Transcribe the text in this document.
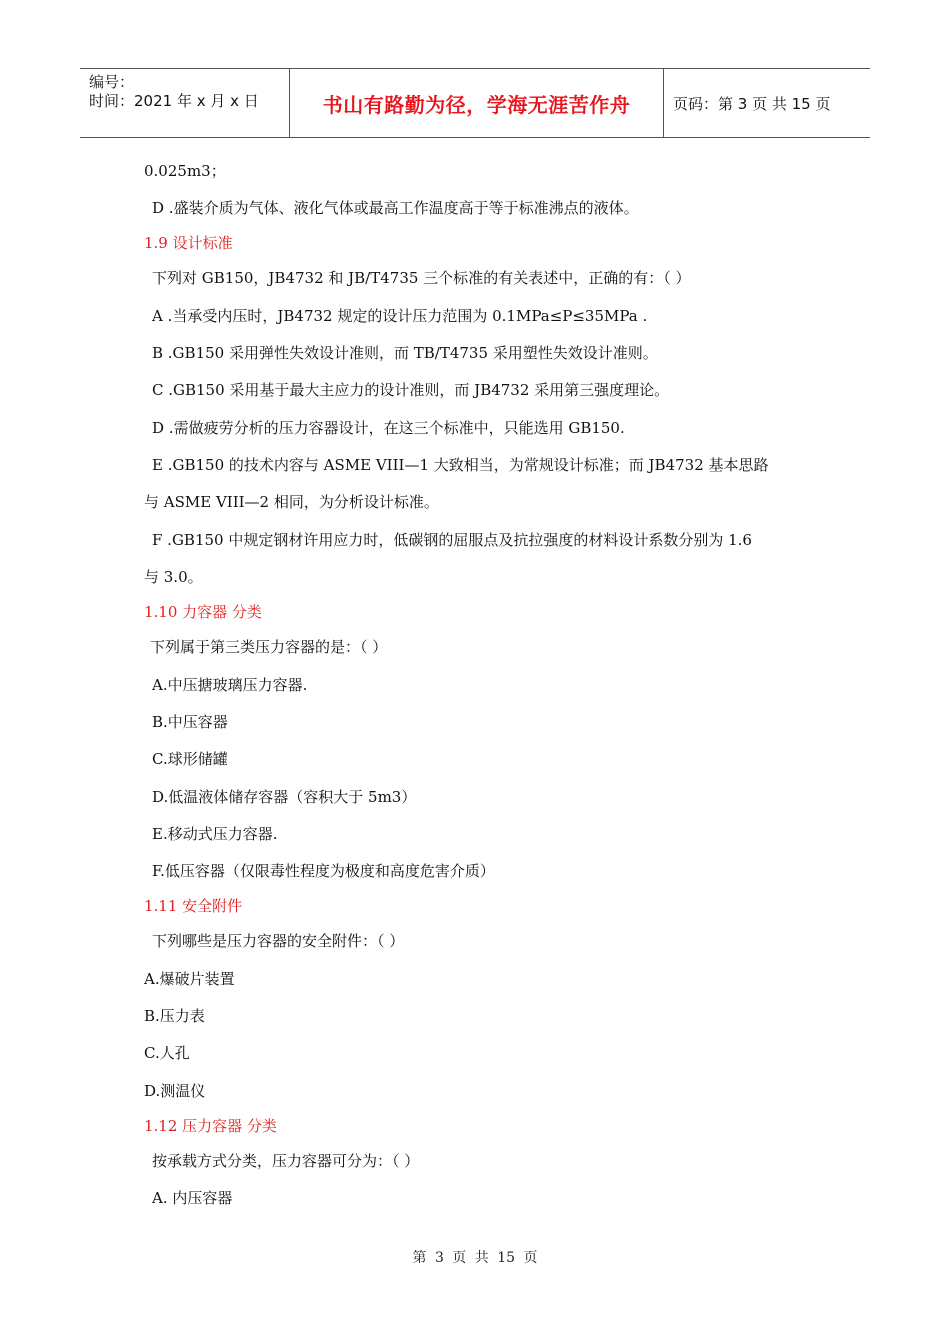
编号：
时间：2021 年 x 月 x 日	书山有路勤为径，学海无涯苦作舟	页码：第 3 页 共 15 页
0.025m3；
D .盛装介质为气体、液化气体或最高工作温度高于等于标准沸点的液体。
1.9 设计标准
下列对 GB150，JB4732 和 JB/T4735 三个标准的有关表述中，正确的有：（ ）
A .当承受内压时，JB4732 规定的设计压力范围为 0.1MPa≤P≤35MPa .
B .GB150 采用弹性失效设计准则，而 TB/T4735 采用塑性失效设计准则。
C .GB150 采用基于最大主应力的设计准则，而 JB4732 采用第三强度理论。
D .需做疲劳分析的压力容器设计，在这三个标准中，只能选用 GB150.
E .GB150 的技术内容与 ASME VIII—1 大致相当，为常规设计标准；而 JB4732 基本思路
与 ASME VIII—2 相同，为分析设计标准。
F .GB150 中规定钢材许用应力时，低碳钢的屈服点及抗拉强度的材料设计系数分别为 1.6
与 3.0。
1.10 力容器 分类
下列属于第三类压力容器的是：（ ）
A.中压搪玻璃压力容器.
B.中压容器
C.球形储罐
D.低温液体储存容器（容积大于 5m3）
E.移动式压力容器.
F.低压容器（仅限毒性程度为极度和高度危害介质）
1.11 安全附件
下列哪些是压力容器的安全附件：（ ）
A.爆破片装置
B.压力表
C.人孔
D.测温仪
1.12 压力容器 分类
按承载方式分类，压力容器可分为：（ ）
A. 内压容器
第 3 页 共 15 页
